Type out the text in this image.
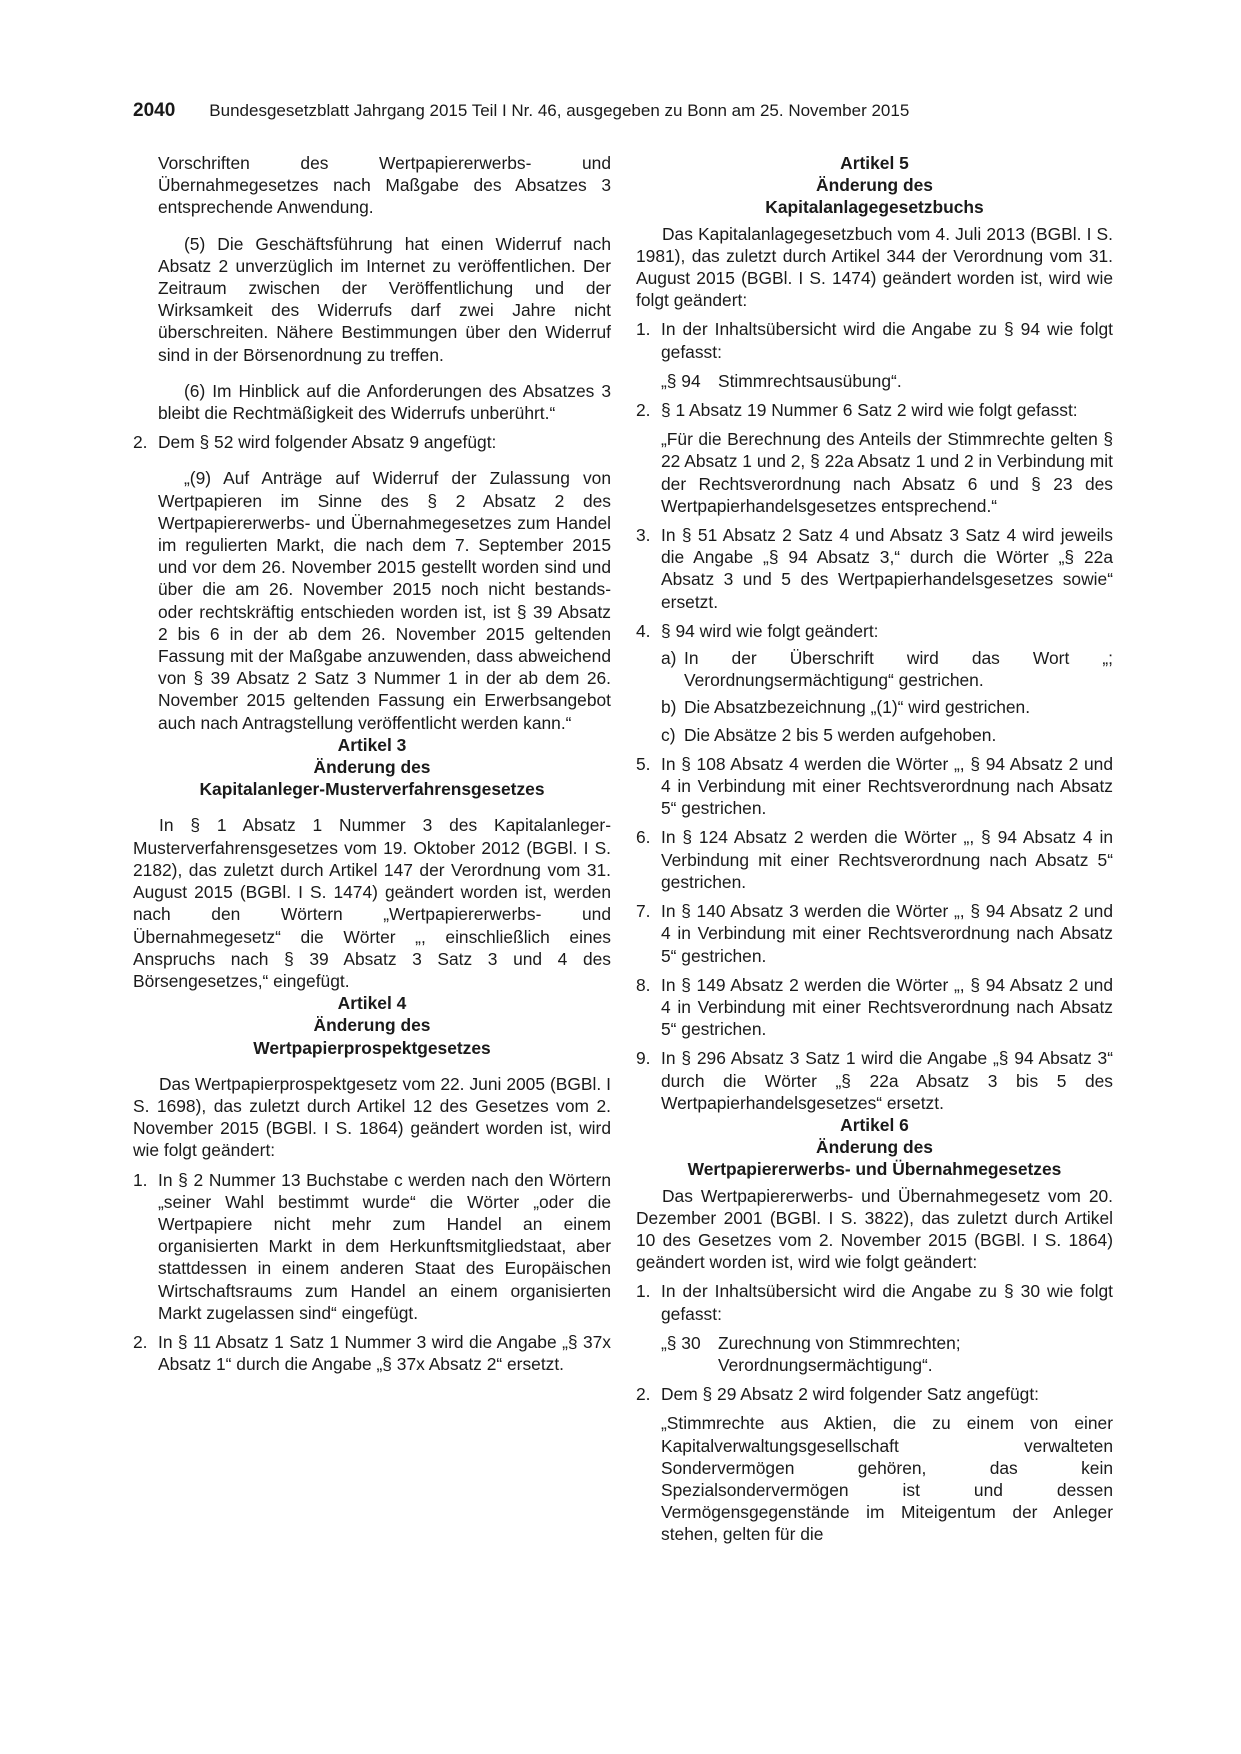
2040 Bundesgesetzblatt Jahrgang 2015 Teil I Nr. 46, ausgegeben zu Bonn am 25. November 2015

Vorschriften des Wertpapiererwerbs- und Übernahmegesetzes nach Maßgabe des Absatzes 3 entsprechende Anwendung.

(5) Die Geschäftsführung hat einen Widerruf nach Absatz 2 unverzüglich im Internet zu veröffentlichen. Der Zeitraum zwischen der Veröffentlichung und der Wirksamkeit des Widerrufs darf zwei Jahre nicht überschreiten. Nähere Bestimmungen über den Widerruf sind in der Börsenordnung zu treffen.

(6) Im Hinblick auf die Anforderungen des Absatzes 3 bleibt die Rechtmäßigkeit des Widerrufs unberührt.“

2. Dem § 52 wird folgender Absatz 9 angefügt:

„(9) Auf Anträge auf Widerruf der Zulassung von Wertpapieren im Sinne des § 2 Absatz 2 des Wertpapiererwerbs- und Übernahmegesetzes zum Handel im regulierten Markt, die nach dem 7. September 2015 und vor dem 26. November 2015 gestellt worden sind und über die am 26. November 2015 noch nicht bestands- oder rechtskräftig entschieden worden ist, ist § 39 Absatz 2 bis 6 in der ab dem 26. November 2015 geltenden Fassung mit der Maßgabe anzuwenden, dass abweichend von § 39 Absatz 2 Satz 3 Nummer 1 in der ab dem 26. November 2015 geltenden Fassung ein Erwerbsangebot auch nach Antragstellung veröffentlicht werden kann.“

Artikel 3

Änderung des

Kapitalanleger-Musterverfahrensgesetzes

In § 1 Absatz 1 Nummer 3 des Kapitalanleger-Musterverfahrensgesetzes vom 19. Oktober 2012 (BGBl. I S. 2182), das zuletzt durch Artikel 147 der Verordnung vom 31. August 2015 (BGBl. I S. 1474) geändert worden ist, werden nach den Wörtern „Wertpapiererwerbs- und Übernahmegesetz“ die Wörter „, einschließlich eines Anspruchs nach § 39 Absatz 3 Satz 3 und 4 des Börsengesetzes,“ eingefügt.

Artikel 4

Änderung des

Wertpapierprospektgesetzes

Das Wertpapierprospektgesetz vom 22. Juni 2005 (BGBl. I S. 1698), das zuletzt durch Artikel 12 des Gesetzes vom 2. November 2015 (BGBl. I S. 1864) geändert worden ist, wird wie folgt geändert:

1. In § 2 Nummer 13 Buchstabe c werden nach den Wörtern „seiner Wahl bestimmt wurde“ die Wörter „oder die Wertpapiere nicht mehr zum Handel an einem organisierten Markt in dem Herkunftsmitgliedstaat, aber stattdessen in einem anderen Staat des Europäischen Wirtschaftsraums zum Handel an einem organisierten Markt zugelassen sind“ eingefügt.
2. In § 11 Absatz 1 Satz 1 Nummer 3 wird die Angabe „§ 37x Absatz 1“ durch die Angabe „§ 37x Absatz 2“ ersetzt.

Artikel 5

Änderung des

Kapitalanlagegesetzbuchs

Das Kapitalanlagegesetzbuch vom 4. Juli 2013 (BGBl. I S. 1981), das zuletzt durch Artikel 344 der Verordnung vom 31. August 2015 (BGBl. I S. 1474) geändert worden ist, wird wie folgt geändert:

1. In der Inhaltsübersicht wird die Angabe zu § 94 wie folgt gefasst:
„§ 94 Stimmrechtsausübung“.
2. § 1 Absatz 19 Nummer 6 Satz 2 wird wie folgt gefasst:

„Für die Berechnung des Anteils der Stimmrechte gelten § 22 Absatz 1 und 2, § 22a Absatz 1 und 2 in Verbindung mit der Rechtsverordnung nach Absatz 6 und § 23 des Wertpapierhandelsgesetzes entsprechend.“

3. In § 51 Absatz 2 Satz 4 und Absatz 3 Satz 4 wird jeweils die Angabe „§ 94 Absatz 3,“ durch die Wörter „§ 22a Absatz 3 und 5 des Wertpapierhandelsgesetzes sowie“ ersetzt.
4. § 94 wird wie folgt geändert:
a) In der Überschrift wird das Wort „; Verordnungsermächtigung“ gestrichen.
b) Die Absatzbezeichnung „(1)“ wird gestrichen.
c) Die Absätze 2 bis 5 werden aufgehoben.
5. In § 108 Absatz 4 werden die Wörter „, § 94 Absatz 2 und 4 in Verbindung mit einer Rechtsverordnung nach Absatz 5“ gestrichen.
6. In § 124 Absatz 2 werden die Wörter „, § 94 Absatz 4 in Verbindung mit einer Rechtsverordnung nach Absatz 5“ gestrichen.
7. In § 140 Absatz 3 werden die Wörter „, § 94 Absatz 2 und 4 in Verbindung mit einer Rechtsverordnung nach Absatz 5“ gestrichen.
8. In § 149 Absatz 2 werden die Wörter „, § 94 Absatz 2 und 4 in Verbindung mit einer Rechtsverordnung nach Absatz 5“ gestrichen.
9. In § 296 Absatz 3 Satz 1 wird die Angabe „§ 94 Absatz 3“ durch die Wörter „§ 22a Absatz 3 bis 5 des Wertpapierhandelsgesetzes“ ersetzt.

Artikel 6

Änderung des

Wertpapiererwerbs- und Übernahmegesetzes

Das Wertpapiererwerbs- und Übernahmegesetz vom 20. Dezember 2001 (BGBl. I S. 3822), das zuletzt durch Artikel 10 des Gesetzes vom 2. November 2015 (BGBl. I S. 1864) geändert worden ist, wird wie folgt geändert:

1. In der Inhaltsübersicht wird die Angabe zu § 30 wie folgt gefasst:
„§ 30 Zurechnung von Stimmrechten; Verordnungsermächtigung“.
2. Dem § 29 Absatz 2 wird folgender Satz angefügt:

„Stimmrechte aus Aktien, die zu einem von einer Kapitalverwaltungsgesellschaft verwalteten Sondervermögen gehören, das kein Spezialsondervermögen ist und dessen Vermögensgegenstände im Miteigentum der Anleger stehen, gelten für die
